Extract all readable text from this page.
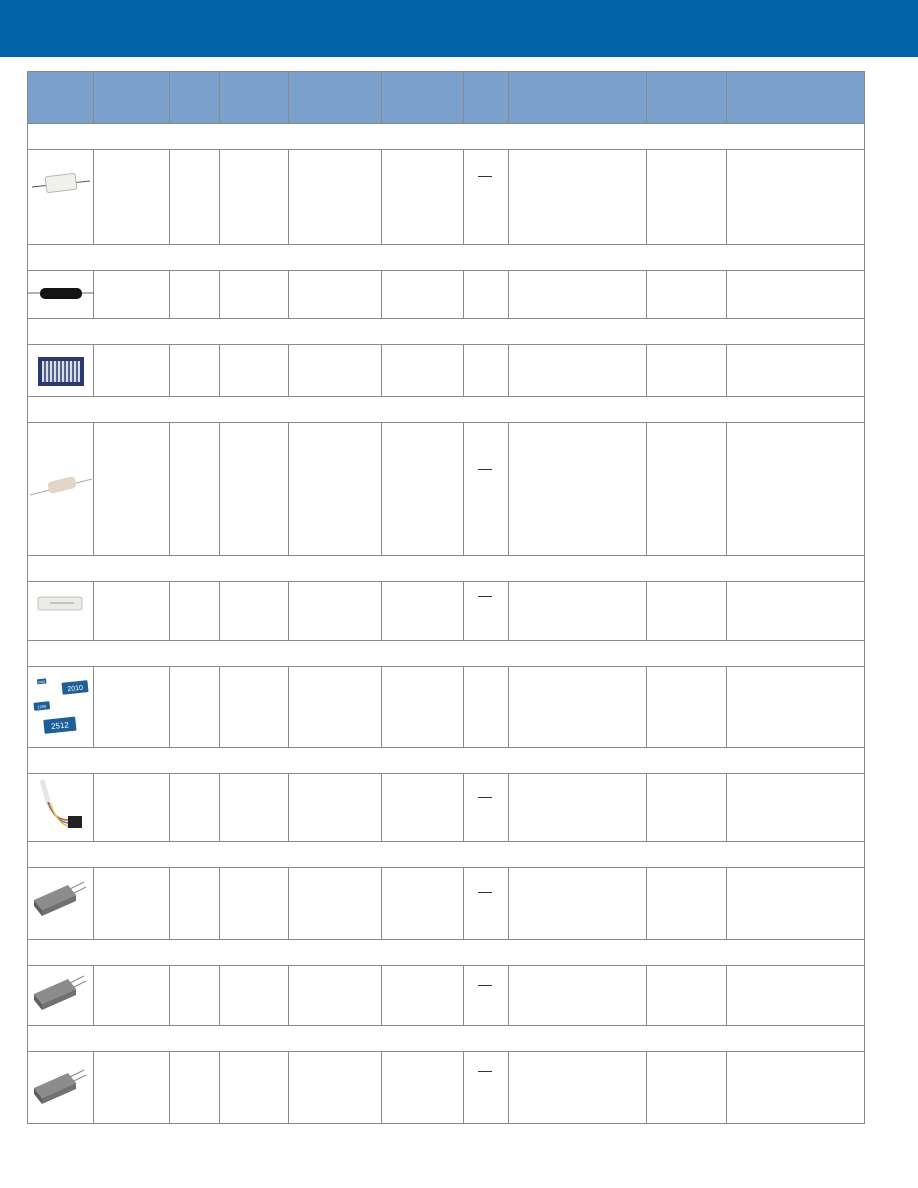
0805
2010
1206
2512									
